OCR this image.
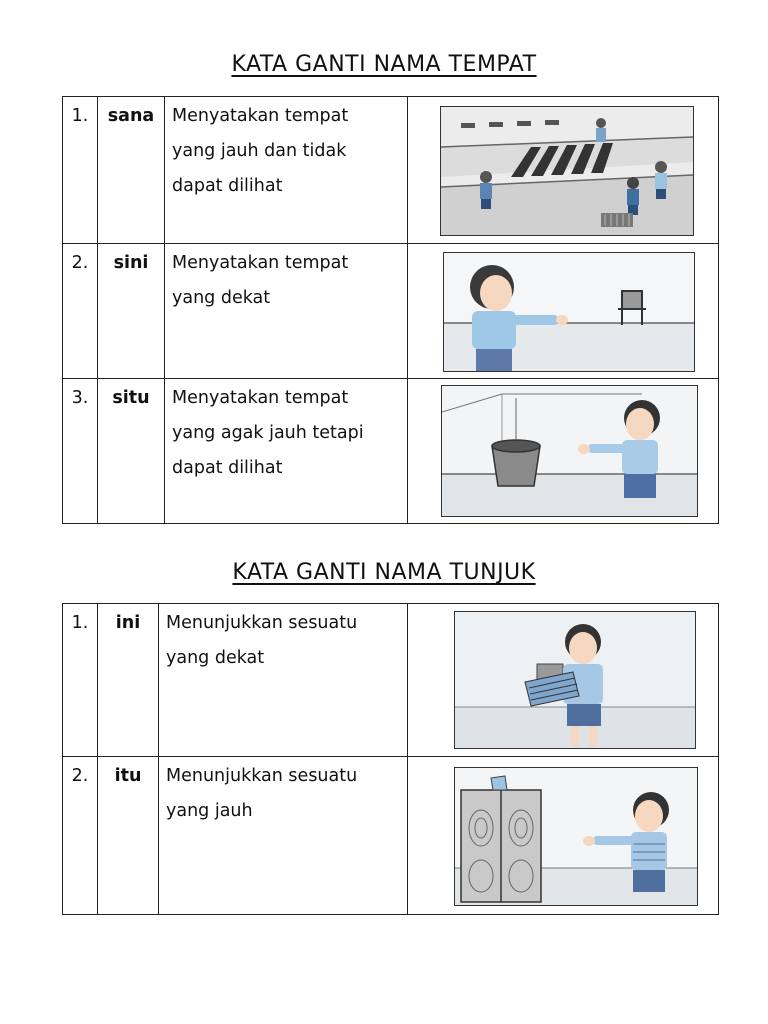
KATA GANTI NAMA TEMPAT
1.	sana	Menyatakan tempat
yang jauh dan tidak
dapat dilihat

2.	sini	Menyatakan tempat
yang dekat

3.	situ	Menyatakan tempat
yang agak jauh tetapi
dapat dilihat

KATA GANTI NAMA TUNJUK
1.	ini	Menunjukkan sesuatu
yang dekat

2.	itu	Menunjukkan sesuatu
yang jauh
